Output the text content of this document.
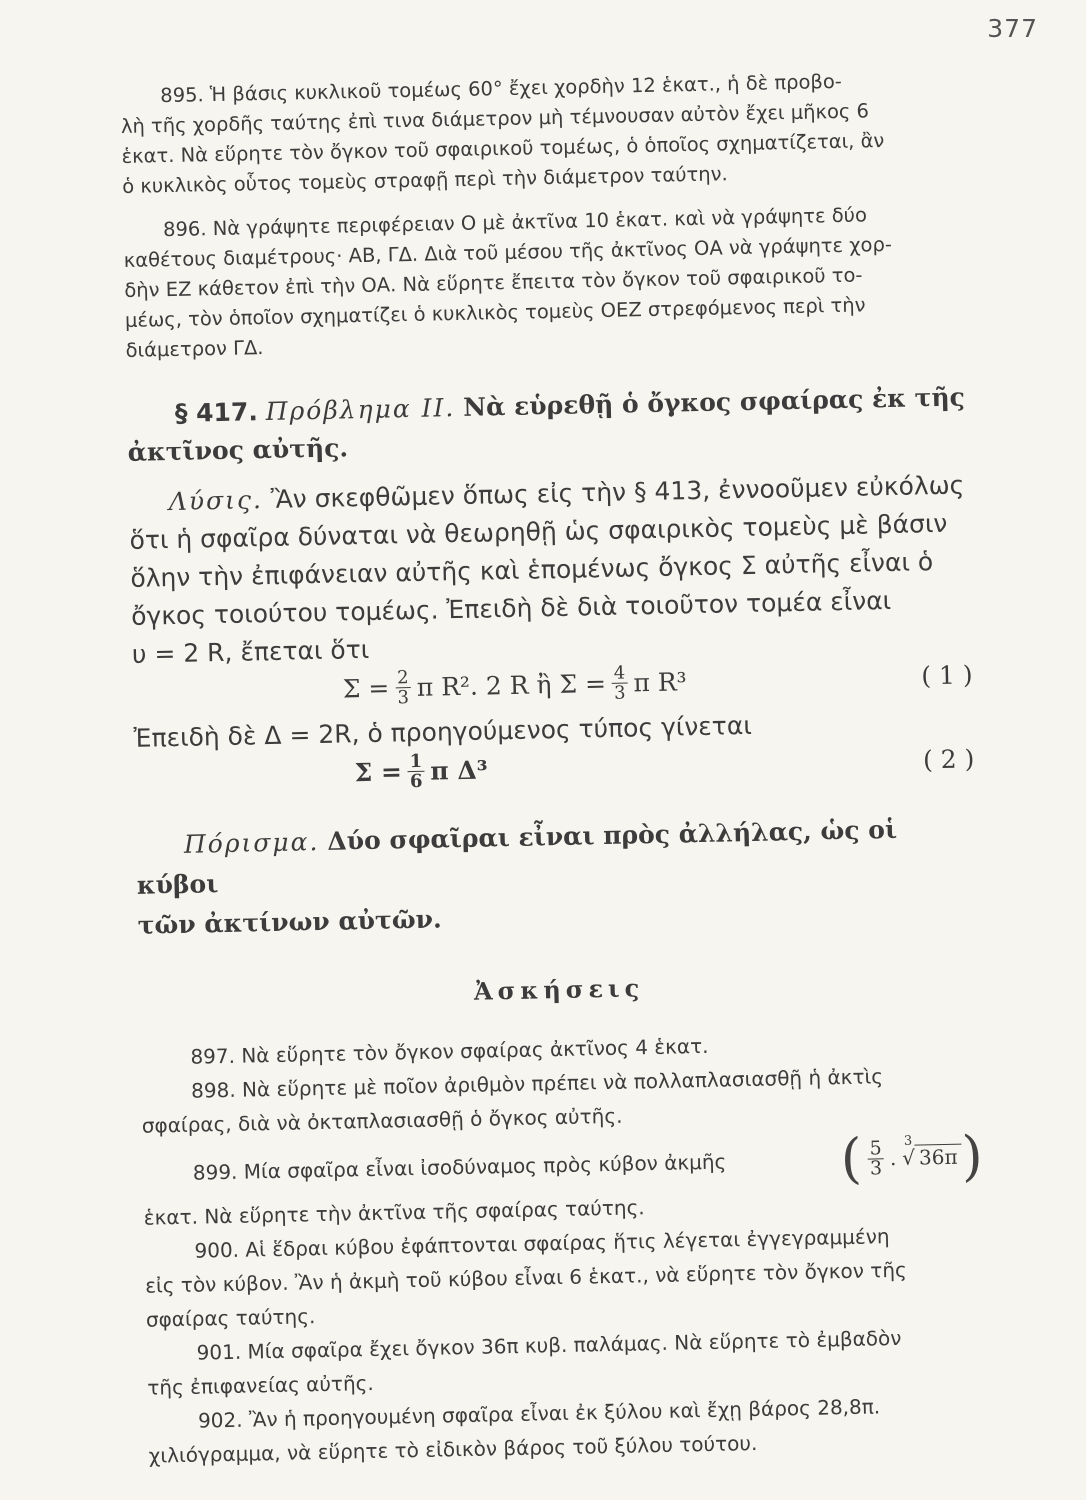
377

895. Ἡ βάσις κυκλικοῦ τομέως 60° ἔχει χορδὴν 12 ἑκατ., ἡ δὲ προβο-

λὴ τῆς χορδῆς ταύτης ἐπὶ τινα διάμετρον μὴ τέμνουσαν αὐτὸν ἔχει μῆκος 6

ἑκατ. Νὰ εὕρητε τὸν ὄγκον τοῦ σφαιρικοῦ τομέως, ὁ ὁποῖος σχηματίζεται, ἂν

ὁ κυκλικὸς οὗτος τομεὺς στραφῇ περὶ τὴν διάμετρον ταύτην.

896. Νὰ γράψητε περιφέρειαν Ο μὲ ἀκτῖνα 10 ἑκατ. καὶ νὰ γράψητε δύο

καθέτους διαμέτρους· ΑΒ, ΓΔ. Διὰ τοῦ μέσου τῆς ἀκτῖνος ΟΑ νὰ γράψητε χορ-

δὴν ΕΖ κάθετον ἐπὶ τὴν ΟΑ. Νὰ εὕρητε ἔπειτα τὸν ὄγκον τοῦ σφαιρικοῦ το-

μέως, τὸν ὁποῖον σχηματίζει ὁ κυκλικὸς τομεὺς ΟΕΖ στρεφόμενος περὶ τὴν

διάμετρον ΓΔ.

§ 417. Πρόβλημα ΙΙ. Νὰ εὑρεθῇ ὁ ὄγκος σφαίρας ἐκ τῆς

ἀκτῖνος αὐτῆς.

Λύσις. Ἂν σκεφθῶμεν ὅπως εἰς τὴν § 413, ἐννοοῦμεν εὐκόλως

ὅτι ἡ σφαῖρα δύναται νὰ θεωρηθῇ ὡς σφαιρικὸς τομεὺς μὲ βάσιν

ὅλην τὴν ἐπιφάνειαν αὐτῆς καὶ ἑπομένως ὄγκος Σ αὐτῆς εἶναι ὁ

ὄγκος τοιούτου τομέως. Ἐπειδὴ δὲ διὰ τοιοῦτον τομέα εἶναι

υ = 2 R, ἔπεται ὅτι

$\Sigma = \frac{2}{3}$ π R². 2 R ἢ $\Sigma = \frac{4}{3}$ π R³	( 1 )

Ἐπειδὴ δὲ Δ = 2R, ὁ προηγούμενος τύπος γίνεται

$\Sigma = \frac{1}{6}$ π Δ³	( 2 )

Πόρισμα. Δύο σφαῖραι εἶναι πρὸς ἀλλήλας, ὡς οἱ κύβοι

τῶν ἀκτίνων αὐτῶν.

Ἀσκήσεις

897. Νὰ εὕρητε τὸν ὄγκον σφαίρας ἀκτῖνος 4 ἑκατ.

898. Νὰ εὕρητε μὲ ποῖον ἀριθμὸν πρέπει νὰ πολλαπλασιασθῇ ἡ ἀκτὶς

σφαίρας, διὰ νὰ ὀκταπλασιασθῇ ὁ ὄγκος αὐτῆς.

899. Μία σφαῖρα εἶναι ἰσοδύναμος πρὸς κύβον ἀκμῆς ( $\frac{5}{3}$ .
3
√ 36π )

ἑκατ. Νὰ εὕρητε τὴν ἀκτῖνα τῆς σφαίρας ταύτης.

900. Αἱ ἕδραι κύβου ἐφάπτονται σφαίρας ἥτις λέγεται ἐγγεγραμμένη

εἰς τὸν κύβον. Ἂν ἡ ἀκμὴ τοῦ κύβου εἶναι 6 ἑκατ., νὰ εὕρητε τὸν ὄγκον τῆς

σφαίρας ταύτης.

901. Μία σφαῖρα ἔχει ὄγκον 36π κυβ. παλάμας. Νὰ εὕρητε τὸ ἐμβαδὸν

τῆς ἐπιφανείας αὐτῆς.

902. Ἂν ἡ προηγουμένη σφαῖρα εἶναι ἐκ ξύλου καὶ ἔχῃ βάρος 28,8π.

χιλιόγραμμα, νὰ εὕρητε τὸ εἰδικὸν βάρος τοῦ ξύλου τούτου.
